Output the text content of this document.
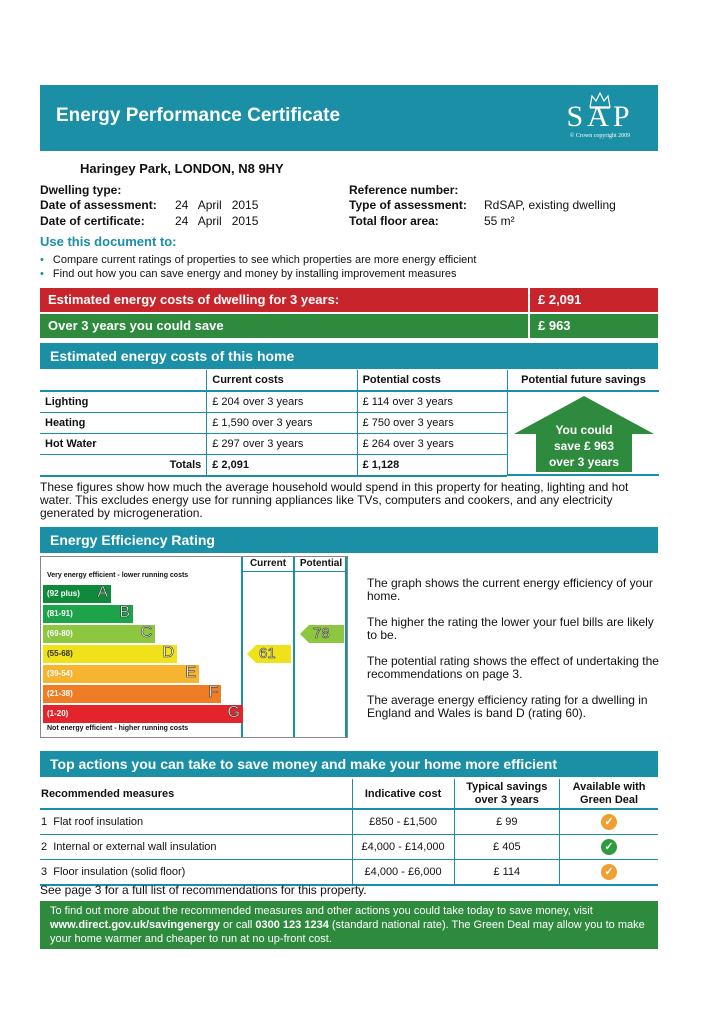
Energy Performance Certificate	SAP
© Crown copyright 2009
Haringey Park, LONDON, N8 9HY
Dwelling type:
Date of assessment: 24   April   2015
Date of certificate:	24   April   2015
Reference number:
Type of assessment: RdSAP, existing dwelling
Total floor area:	55 m²
Use this document to:
• Compare current ratings of properties to see which properties are more energy efficient
• Find out how you can save energy and money by installing improvement measures
Estimated energy costs of dwelling for 3 years:	£ 2,091
Over 3 years you could save	£ 963
Estimated energy costs of this home
	Current costs	Potential costs
Lighting	£ 204 over 3 years	£ 114 over 3 years
Heating	£ 1,590 over 3 years	£ 750 over 3 years
Hot Water	£ 297 over 3 years	£ 264 over 3 years
Totals	£ 2,091	£ 1,128
Potential future savings
You could
save £ 963
over 3 years
These figures show how much the average household would spend in this property for heating, lighting and hot water. This excludes energy use for running appliances like TVs, computers and cookers, and any electricity generated by microgeneration.
Energy Efficiency Rating
Current	Potential
Very energy efficient - lower running costs
(92 plus) A
(81-91)	B
(69-80)	C
(55-68)	D
(39-54)	E
(21-38)	F
(1-20)	G
Not energy efficient - higher running costs
61
78
The graph shows the current energy efficiency of your home.
The higher the rating the lower your fuel bills are likely to be.
The potential rating shows the effect of undertaking the recommendations on page 3.
The average energy efficiency rating for a dwelling in England and Wales is band D (rating 60).
Top actions you can take to save money and make your home more efficient
Recommended measures	Indicative cost	Typical savings over 3 years	Available with Green Deal
1 Flat roof insulation	£850 - £1,500	£ 99	✓
2 Internal or external wall insulation	£4,000 - £14,000	£ 405	✓
3 Floor insulation (solid floor)	£4,000 - £6,000	£ 114	✓
See page 3 for a full list of recommendations for this property.
To find out more about the recommended measures and other actions you could take today to save money, visit www.direct.gov.uk/savingenergy or call 0300 123 1234 (standard national rate). The Green Deal may allow you to make your home warmer and cheaper to run at no up-front cost.
